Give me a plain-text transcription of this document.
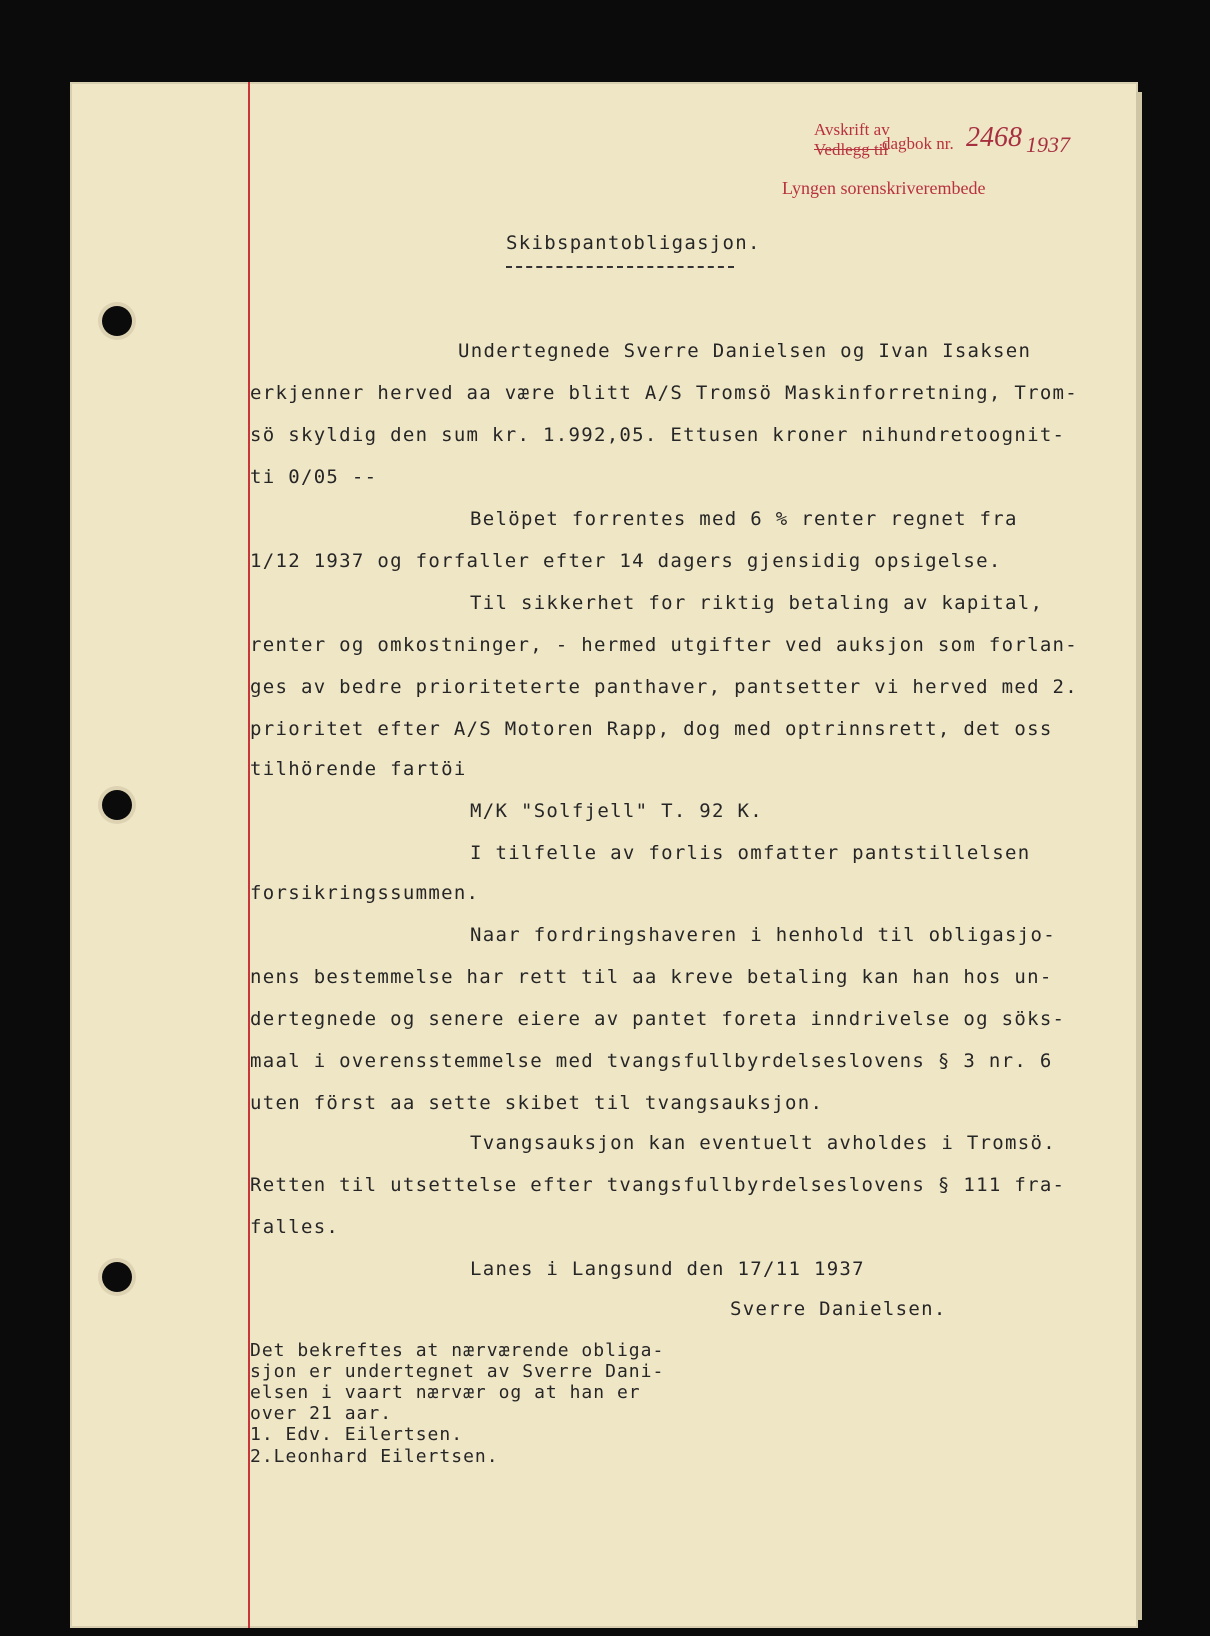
Avskrift av
Vedlegg til
dagbok nr. 2468 1937
Lyngen sorenskriverembede
Skibspantobligasjon.
Undertegnede Sverre Danielsen og Ivan Isaksen
erkjenner herved aa være blitt A/S Tromsö Maskinforretning, Trom-
sö skyldig den sum kr. 1.992,05. Ettusen kroner nihundretoognit-
ti 0/05 --
Belöpet forrentes med 6 % renter regnet fra
1/12 1937 og forfaller efter 14 dagers gjensidig opsigelse.
Til sikkerhet for riktig betaling av kapital,
renter og omkostninger, - hermed utgifter ved auksjon som forlan-
ges av bedre prioriteterte panthaver, pantsetter vi herved med 2.
prioritet efter A/S Motoren Rapp, dog med optrinnsrett, det oss
tilhörende fartöi
M/K "Solfjell" T. 92 K.
I tilfelle av forlis omfatter pantstillelsen
forsikringssummen.
Naar fordringshaveren i henhold til obligasjo-
nens bestemmelse har rett til aa kreve betaling kan han hos un-
dertegnede og senere eiere av pantet foreta inndrivelse og söks-
maal i overensstemmelse med tvangsfullbyrdelseslovens § 3 nr. 6
uten först aa sette skibet til tvangsauksjon.
Tvangsauksjon kan eventuelt avholdes i Tromsö.
Retten til utsettelse efter tvangsfullbyrdelseslovens § 111 fra-
falles.
Lanes i Langsund den 17/11 1937
Sverre Danielsen.
Det bekreftes at nærværende obliga-
sjon er undertegnet av Sverre Dani-
elsen i vaart nærvær og at han er
over 21 aar.
1. Edv. Eilertsen.
2.Leonhard Eilertsen.
